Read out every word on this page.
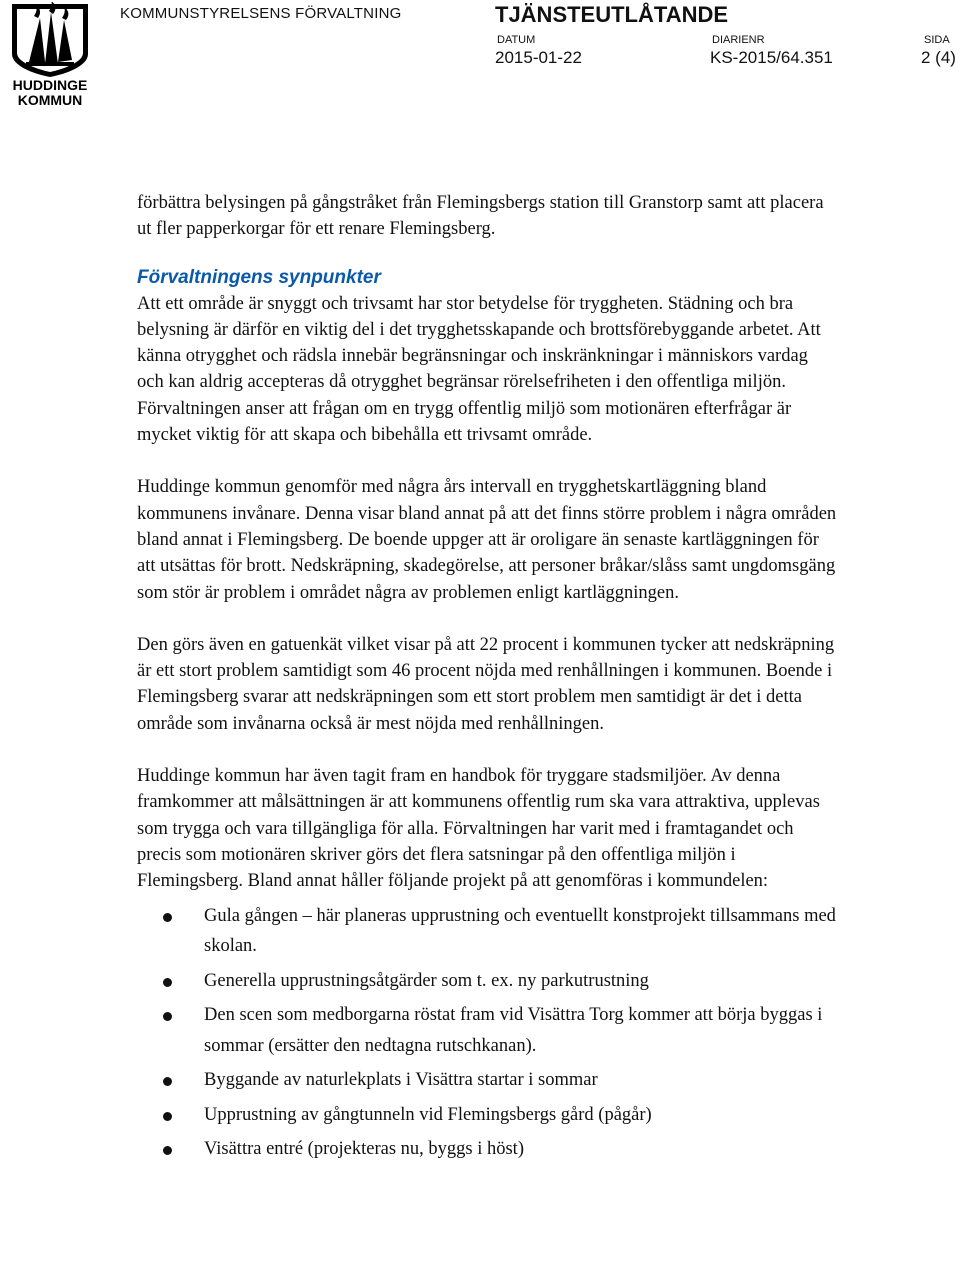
HUDDINGE
KOMMUN
KOMMUNSTYRELSENS FÖRVALTNING	TJÄNSTEUTLÅTANDE
DATUM
2015-01-22
DIARIENR
KS-2015/64.351
SIDA
2 (4)

förbättra belysingen på gångstråket från Flemingsbergs station till Granstorp samt att placera ut fler papperkorgar för ett renare Flemingsberg.

Förvaltningens synpunkter

Att ett område är snyggt och trivsamt har stor betydelse för tryggheten. Städning och bra belysning är därför en viktig del i det trygghetsskapande och brottsförebyggande arbetet. Att känna otrygghet och rädsla innebär begränsningar och inskränkningar i människors vardag och kan aldrig accepteras då otrygghet begränsar rörelsefriheten i den offentliga miljön. Förvaltningen anser att frågan om en trygg offentlig miljö som motionären efterfrågar är mycket viktig för att skapa och bibehålla ett trivsamt område.

Huddinge kommun genomför med några års intervall en trygghetskartläggning bland kommunens invånare. Denna visar bland annat på att det finns större problem i några områden bland annat i Flemingsberg. De boende uppger att är oroligare än senaste kartläggningen för att utsättas för brott. Nedskräpning, skadegörelse, att personer bråkar/slåss samt ungdomsgäng som stör är problem i området några av problemen enligt kartläggningen.

Den görs även en gatuenkät vilket visar på att 22 procent i kommunen tycker att nedskräpning är ett stort problem samtidigt som 46 procent nöjda med renhållningen i kommunen. Boende i Flemingsberg svarar att nedskräpningen som ett stort problem men samtidigt är det i detta område som invånarna också är mest nöjda med renhållningen.

Huddinge kommun har även tagit fram en handbok för tryggare stadsmiljöer. Av denna framkommer att målsättningen är att kommunens offentlig rum ska vara attraktiva, upplevas som trygga och vara tillgängliga för alla. Förvaltningen har varit med i framtagandet och precis som motionären skriver görs det flera satsningar på den offentliga miljön i Flemingsberg. Bland annat håller följande projekt på att genomföras i kommundelen:

Gula gången – här planeras upprustning och eventuellt konstprojekt tillsammans med skolan.
Generella upprustningsåtgärder som t. ex. ny parkutrustning
Den scen som medborgarna röstat fram vid Visättra Torg kommer att börja byggas i sommar (ersätter den nedtagna rutschkanan).
Byggande av naturlekplats i Visättra startar i sommar
Upprustning av gångtunneln vid Flemingsbergs gård (pågår)
Visättra entré (projekteras nu, byggs i höst)
